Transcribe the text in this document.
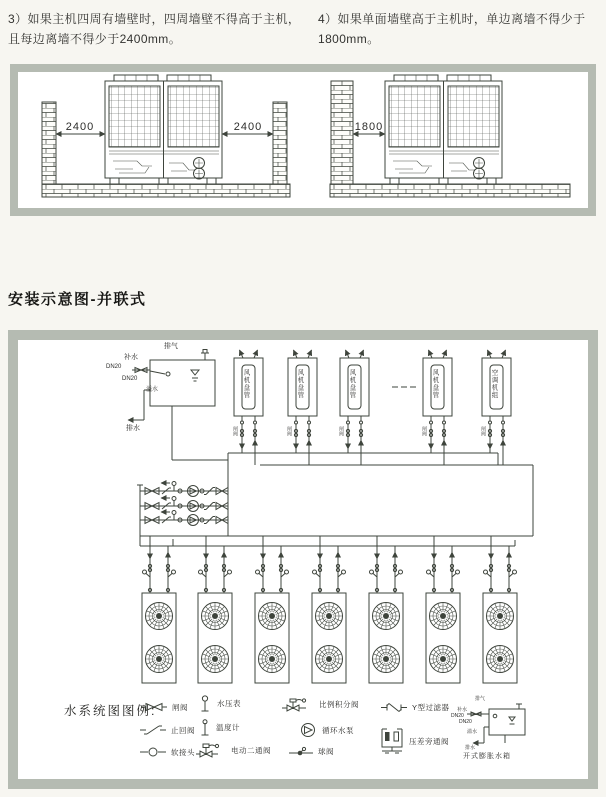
3）如果主机四周有墙壁时，四周墙壁不得高于主机，且每边离墙不得少于2400mm。
4）如果单面墙壁高于主机时，单边离墙不得少于1800mm。
2400	2400	1800
安装示意图-并联式
排气
补水
DN20
DN20
溢水
排水
风机盘管	风机盘管	风机盘管	风机盘管	空调机组
闸阀	闸阀	闸阀	闸阀	闸阀
水系统图图例: 闸阀	水压表	比例积分阀	Y型过滤器
止回阀	温度计	循环水泵
软接头	电动二通阀	球阀
压差旁通阀
排气
补水
DN20
DN20
溢水
排水
开式膨胀水箱
